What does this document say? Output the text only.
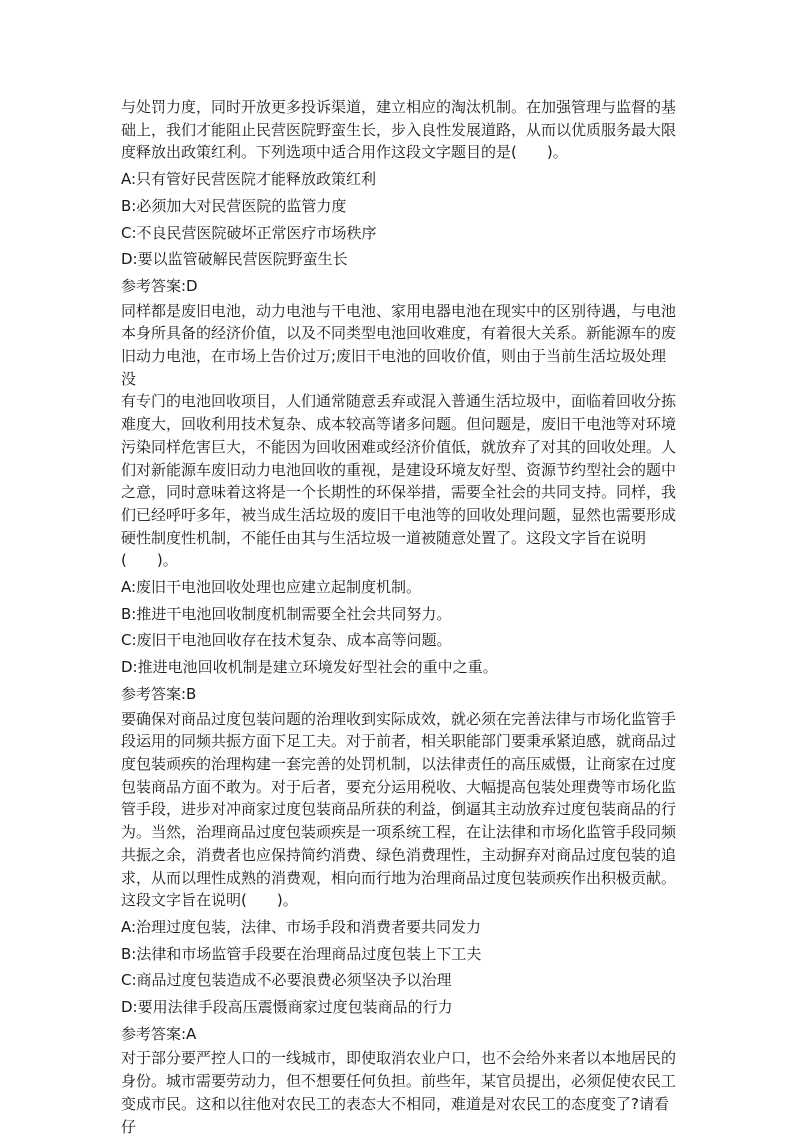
与处罚力度，同时开放更多投诉渠道，建立相应的淘汰机制。在加强管理与监督的基
础上，我们才能阻止民营医院野蛮生长，步入良性发展道路，从而以优质服务最大限
度释放出政策红利。下列选项中适合用作这段文字题目的是(　　)。
A:只有管好民营医院才能释放政策红利
B:必须加大对民营医院的监管力度
C:不良民营医院破坏正常医疗市场秩序
D:要以监管破解民营医院野蛮生长
参考答案:D
同样都是废旧电池，动力电池与干电池、家用电器电池在现实中的区别待遇，与电池
本身所具备的经济价值，以及不同类型电池回收难度，有着很大关系。新能源车的废
旧动力电池，在市场上告价过万;废旧干电池的回收价值，则由于当前生活垃圾处理没
有专门的电池回收项目，人们通常随意丢弃或混入普通生活垃圾中，面临着回收分拣
难度大，回收利用技术复杂、成本较高等诸多问题。但问题是，废旧干电池等对环境
污染同样危害巨大，不能因为回收困难或经济价值低，就放弃了对其的回收处理。人
们对新能源车废旧动力电池回收的重视，是建设环境友好型、资源节约型社会的题中
之意，同时意味着这将是一个长期性的环保举措，需要全社会的共同支持。同样，我
们已经呼吁多年，被当成生活垃圾的废旧干电池等的回收处理问题，显然也需要形成
硬性制度性机制，不能任由其与生活垃圾一道被随意处置了。这段文字旨在说明(　　)。
A:废旧干电池回收处理也应建立起制度机制。
B:推进干电池回收制度机制需要全社会共同努力。
C:废旧干电池回收存在技术复杂、成本高等问题。
D:推进电池回收机制是建立环境发好型社会的重中之重。
参考答案:B
要确保对商品过度包装问题的治理收到实际成效，就必须在完善法律与市场化监管手
段运用的同频共振方面下足工夫。对于前者，相关职能部门要秉承紧迫感，就商品过
度包装顽疾的治理构建一套完善的处罚机制，以法律责任的高压威慑，让商家在过度
包装商品方面不敢为。对于后者，要充分运用税收、大幅提高包装处理费等市场化监
管手段，进步对冲商家过度包装商品所获的利益，倒逼其主动放弃过度包装商品的行
为。当然，治理商品过度包装顽疾是一项系统工程，在让法律和市场化监管手段同频
共振之余，消费者也应保持简约消费、绿色消费理性，主动摒弃对商品过度包装的追
求，从而以理性成熟的消费观，相向而行地为治理商品过度包装顽疾作出积极贡献。
这段文字旨在说明(　　)。
A:治理过度包装，法律、市场手段和消费者要共同发力
B:法律和市场监管手段要在治理商品过度包装上下工夫
C:商品过度包装造成不必要浪费必须坚决予以治理
D:要用法律手段高压震慑商家过度包装商品的行力
参考答案:A
对于部分要严控人口的一线城市，即使取消农业户口，也不会给外来者以本地居民的
身份。城市需要劳动力，但不想要任何负担。前些年，某官员提出，必须促使农民工
变成市民。这和以往他对农民工的表态大不相同，难道是对农民工的态度变了?请看仔
